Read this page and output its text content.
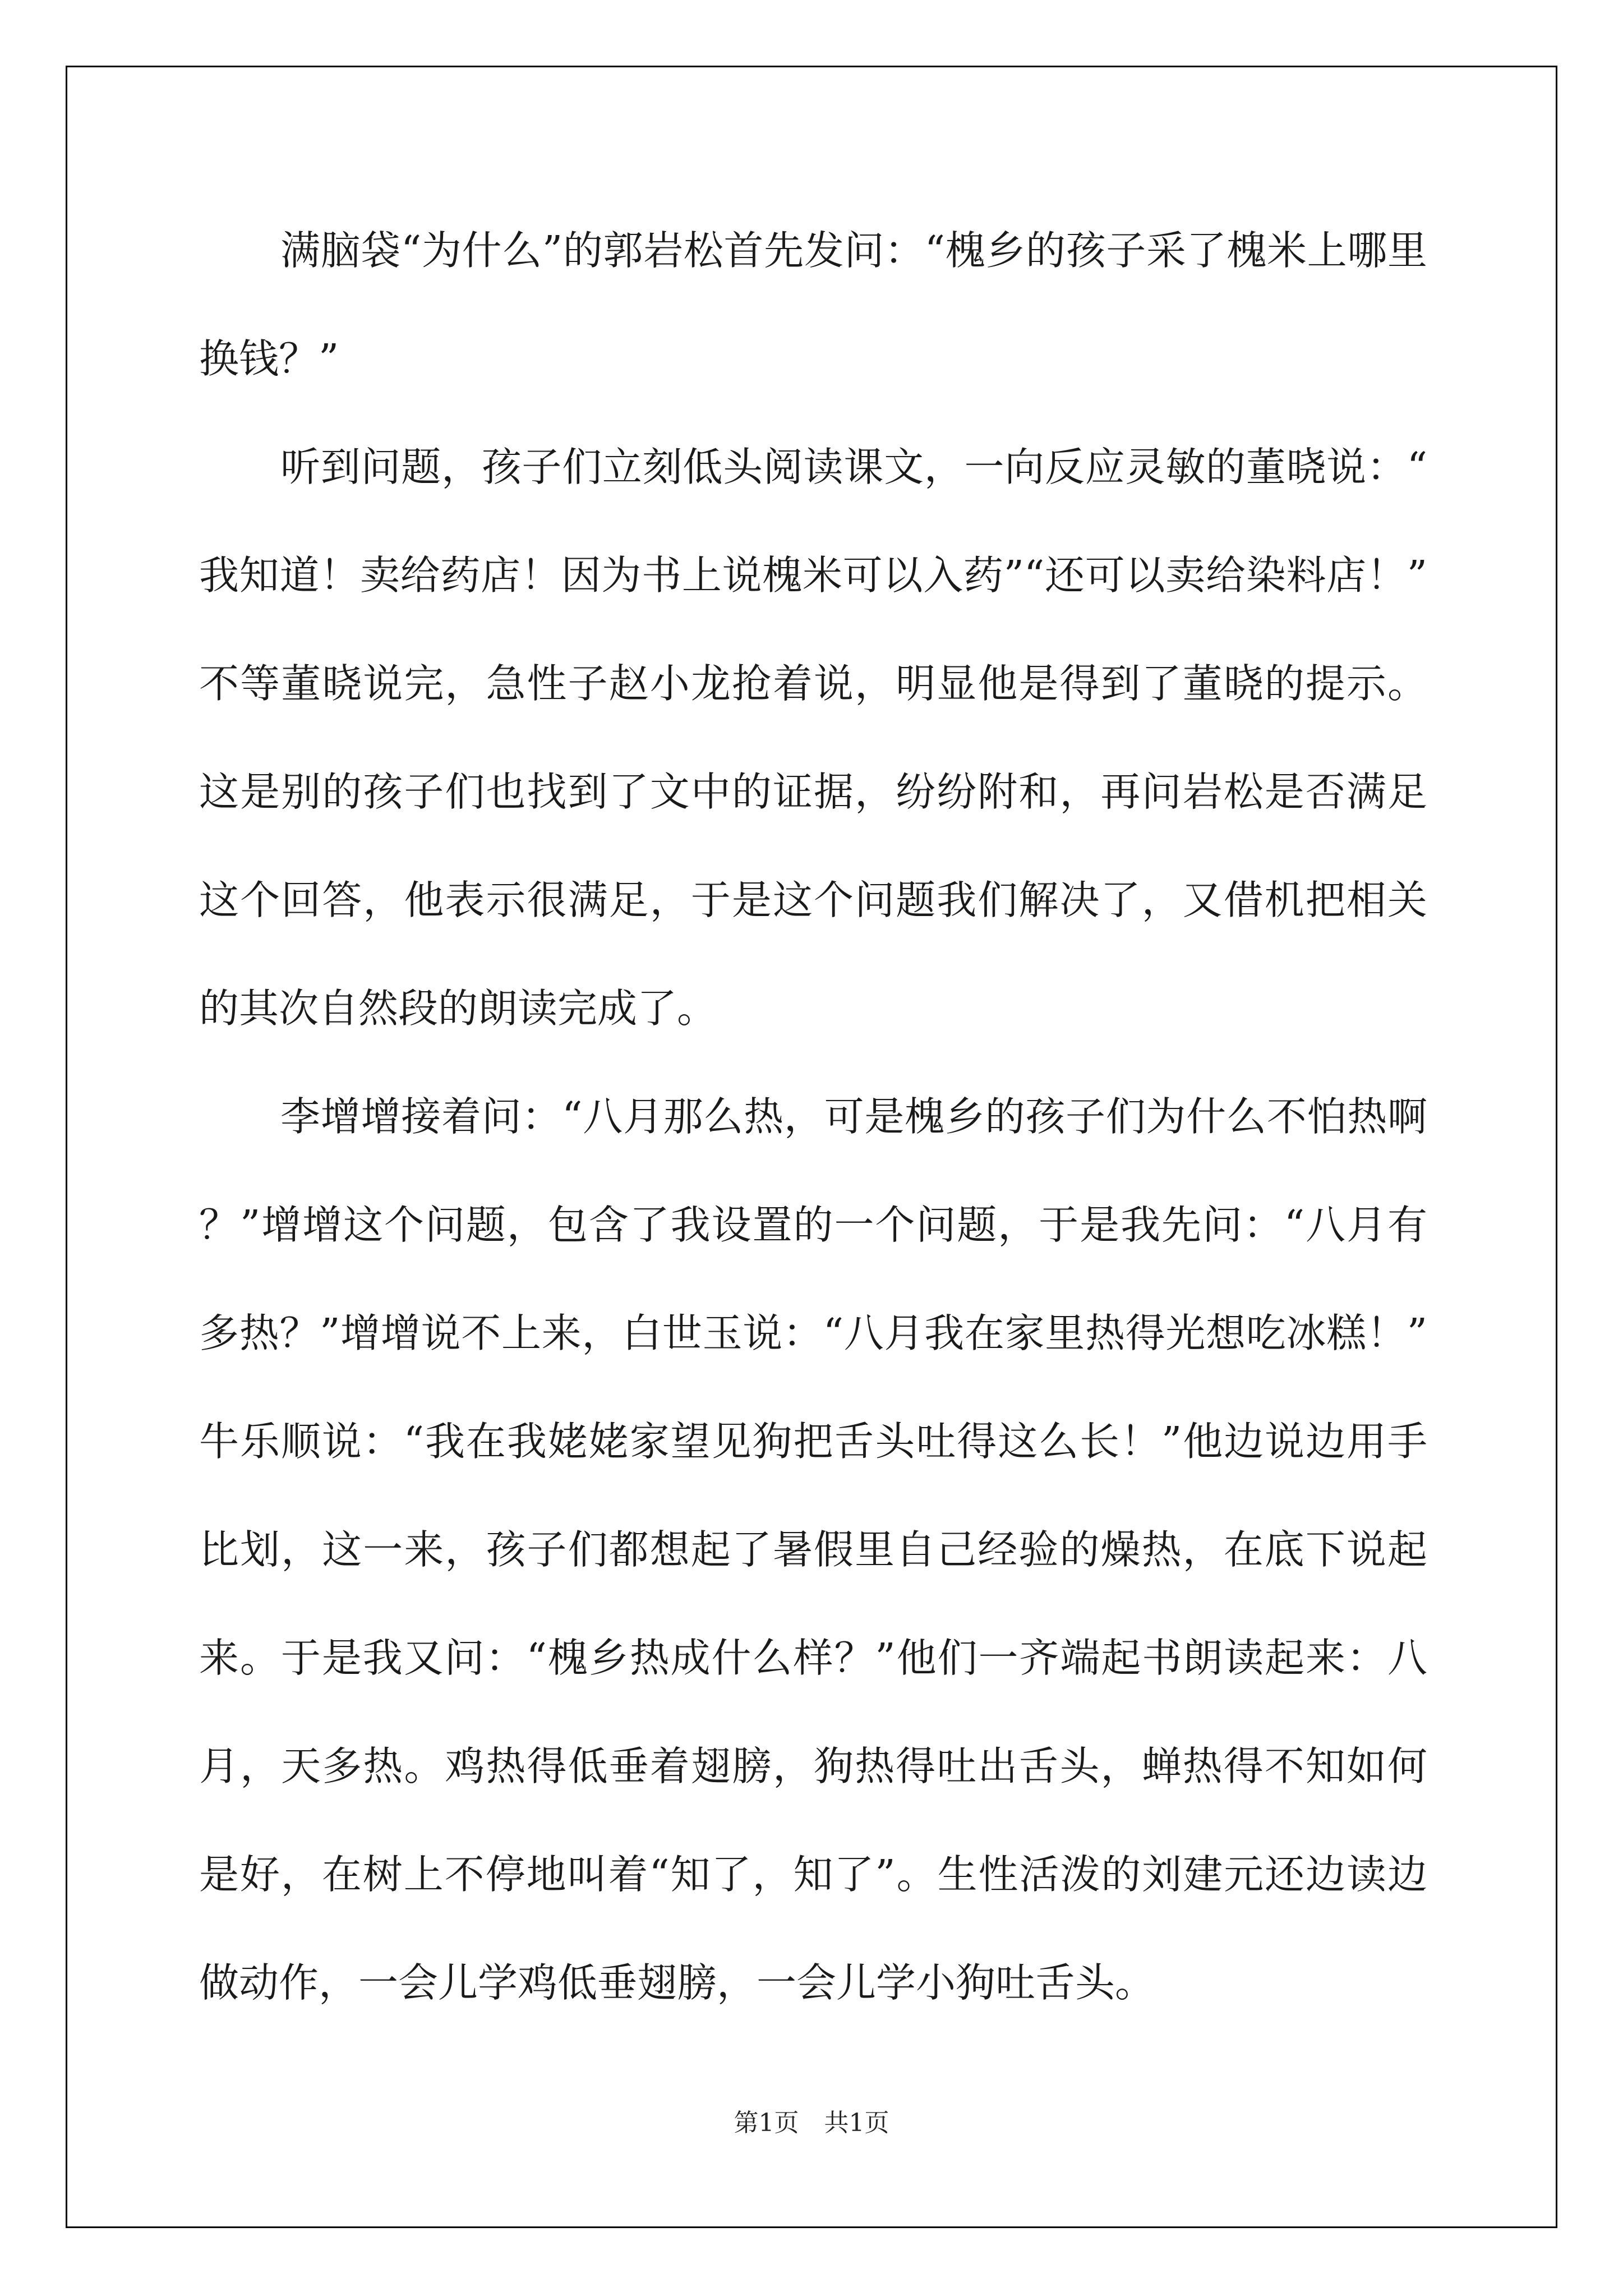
满脑袋“为什么”的郭岩松首先发问：“槐乡的孩子采了槐米上哪里换钱？”

听到问题，孩子们立刻低头阅读课文，一向反应灵敏的董晓说：“我知道！卖给药店！因为书上说槐米可以入药”“还可以卖给染料店！”不等董晓说完，急性子赵小龙抢着说，明显他是得到了董晓的提示。这是别的孩子们也找到了文中的证据，纷纷附和，再问岩松是否满足这个回答，他表示很满足，于是这个问题我们解决了，又借机把相关的其次自然段的朗读完成了。

李增增接着问：“八月那么热，可是槐乡的孩子们为什么不怕热啊？”增增这个问题，包含了我设置的一个问题，于是我先问：“八月有多热？”增增说不上来，白世玉说：“八月我在家里热得光想吃冰糕！”牛乐顺说：“我在我姥姥家望见狗把舌头吐得这么长！”他边说边用手比划，这一来，孩子们都想起了暑假里自己经验的燥热，在底下说起来。于是我又问：“槐乡热成什么样？”他们一齐端起书朗读起来：八月，天多热。鸡热得低垂着翅膀，狗热得吐出舌头，蝉热得不知如何是好，在树上不停地叫着“知了，知了”。生性活泼的刘建元还边读边做动作，一会儿学鸡低垂翅膀，一会儿学小狗吐舌头。

第1页 共1页
